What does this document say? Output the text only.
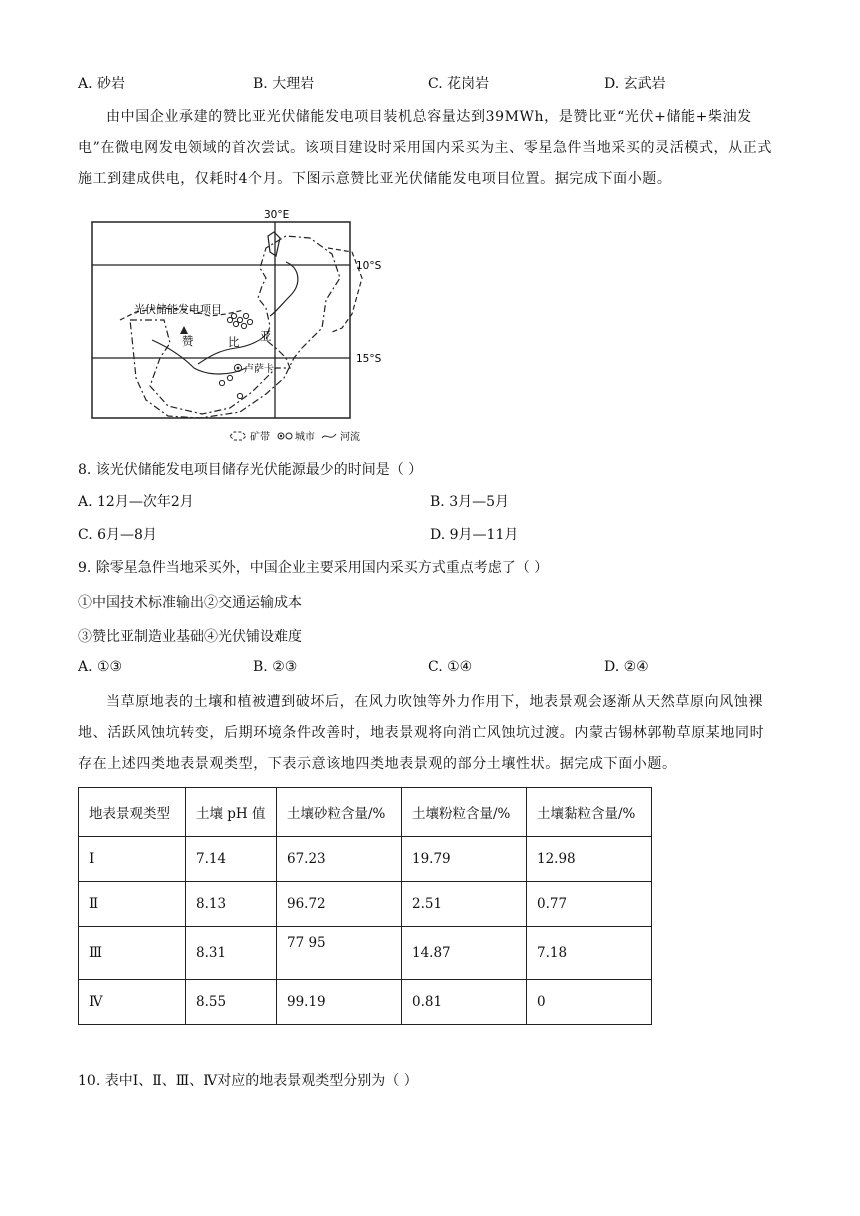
A. 砂岩	B. 大理岩	C. 花岗岩	D. 玄武岩
由中国企业承建的赞比亚光伏储能发电项目装机总容量达到39MWh，是赞比亚“光伏+储能+柴油发电”在微电网发电领域的首次尝试。该项目建设时采用国内采买为主、零星急件当地采买的灵活模式，从正式施工到建成供电，仅耗时4个月。下图示意赞比亚光伏储能发电项目位置。据完成下面小题。
30°E
10°S
15°S
光伏储能发电项目
赞	比 亚
卢萨卡
矿带	城市	河流
8. 该光伏储能发电项目储存光伏能源最少的时间是（ ）
A. 12月—次年2月	B. 3月—5月
C. 6月—8月	D. 9月—11月
9. 除零星急件当地采买外，中国企业主要采用国内采买方式重点考虑了（ ）
①中国技术标准输出②交通运输成本
③赞比亚制造业基础④光伏铺设难度
A. ①③	B. ②③	C. ①④	D. ②④
当草原地表的土壤和植被遭到破坏后，在风力吹蚀等外力作用下，地表景观会逐渐从天然草原向风蚀裸地、活跃风蚀坑转变，后期环境条件改善时，地表景观将向消亡风蚀坑过渡。内蒙古锡林郭勒草原某地同时存在上述四类地表景观类型，下表示意该地四类地表景观的部分土壤性状。据完成下面小题。
地表景观类型	土壤 pH 值	土壤砂粒含量/%	土壤粉粒含量/%	土壤黏粒含量/%
Ⅰ	7.14	67.23	19.79	12.98
Ⅱ	8.13	96.72	2.51	0.77
Ⅲ	8.31	77 95	14.87	7.18
Ⅳ	8.55	99.19	0.81	0
10. 表中Ⅰ、Ⅱ、Ⅲ、Ⅳ对应的地表景观类型分别为（ ）
